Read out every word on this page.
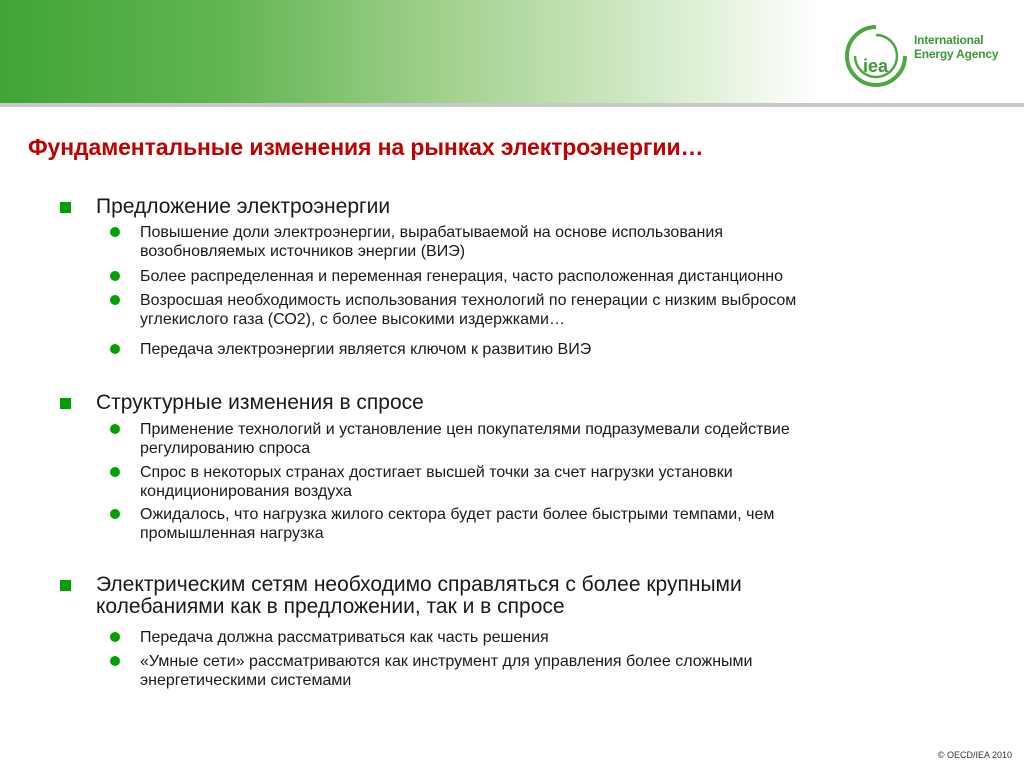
iea
International
Energy Agency
Фундаментальные изменения на рынках электроэнергии…
Предложение электроэнергии
Повышение доли электроэнергии, вырабатываемой на основе использования
возобновляемых источников энергии (ВИЭ)
Более распределенная и переменная генерация, часто расположенная дистанционно
Возросшая необходимость использования технологий по генерации с низким выбросом
углекислого газа (СО2), с более высокими издержками…
Передача электроэнергии является ключом к развитию ВИЭ
Структурные изменения в спросе
Применение технологий и установление цен покупателями подразумевали содействие
регулированию спроса
Спрос в некоторых странах достигает высшей точки за счет нагрузки установки
кондиционирования воздуха
Ожидалось, что нагрузка жилого сектора будет расти более быстрыми темпами, чем
промышленная нагрузка
Электрическим сетям необходимо справляться с более крупными
колебаниями как в предложении, так и в спросе
Передача должна рассматриваться как часть решения
«Умные сети» рассматриваются как инструмент для управления более сложными
энергетическими системами
© OECD/IEA 2010
